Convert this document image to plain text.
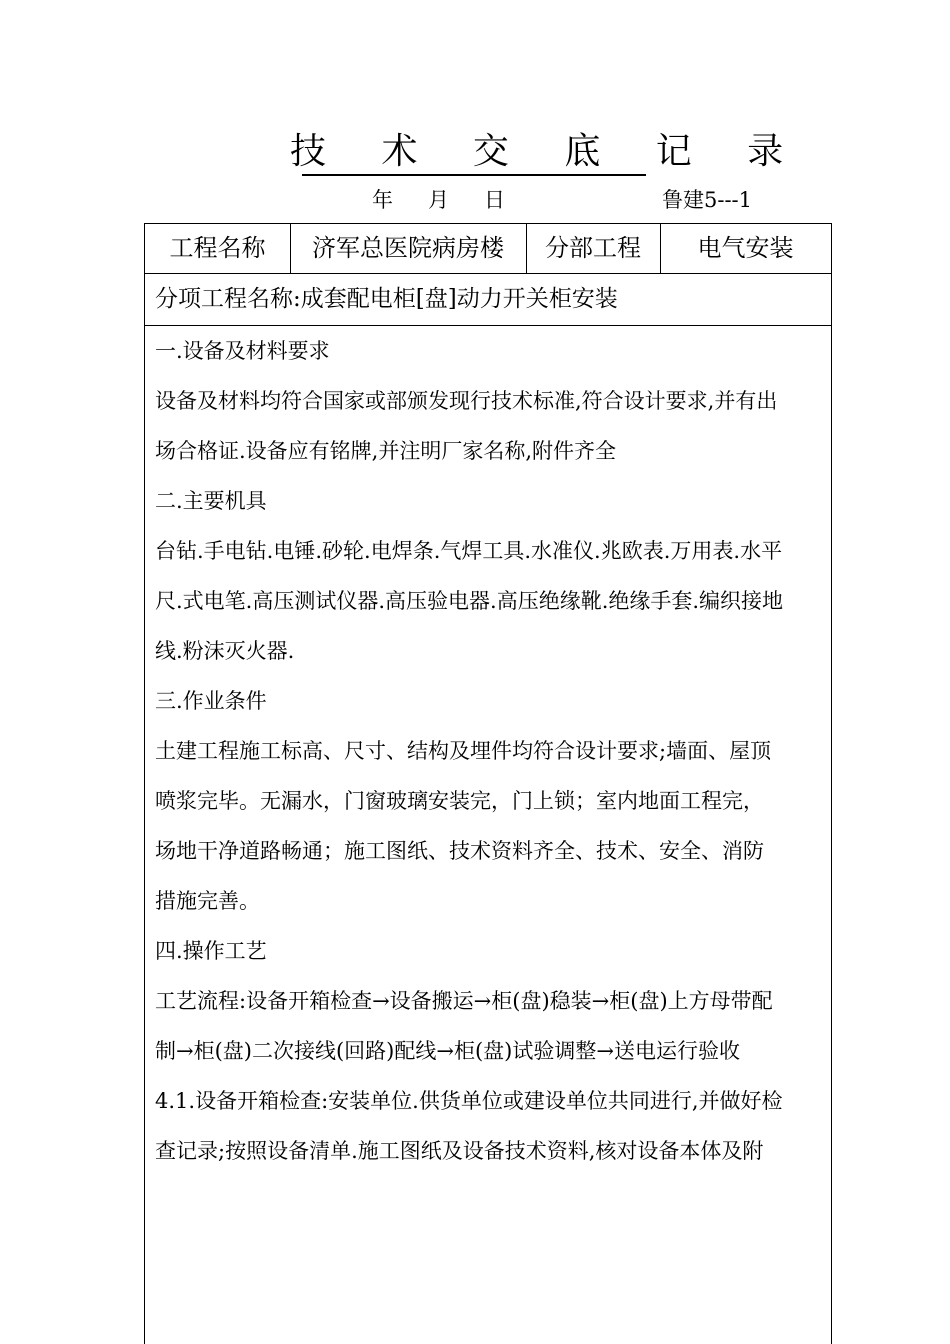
技 术 交 底 记 录
年 月 日	鲁建5---1
工程名称	济军总医院病房楼	分部工程	电气安装
分项工程名称:成套配电柜[盘]动力开关柜安装
一.设备及材料要求
设备及材料均符合国家或部颁发现行技术标准,符合设计要求,并有出
场合格证.设备应有铭牌,并注明厂家名称,附件齐全
二.主要机具
台钻.手电钻.电锤.砂轮.电焊条.气焊工具.水准仪.兆欧表.万用表.水平
尺.式电笔.高压测试仪器.高压验电器.高压绝缘靴.绝缘手套.编织接地
线.粉沫灭火器.
三.作业条件
土建工程施工标高、尺寸、结构及埋件均符合设计要求;墙面、屋顶
喷浆完毕。无漏水，门窗玻璃安装完，门上锁；室内地面工程完，
场地干净道路畅通；施工图纸、技术资料齐全、技术、安全、消防
措施完善。
四.操作工艺
工艺流程:设备开箱检查→设备搬运→柜(盘)稳装→柜(盘)上方母带配
制→柜(盘)二次接线(回路)配线→柜(盘)试验调整→送电运行验收
4.1.设备开箱检查:安装单位.供货单位或建设单位共同进行,并做好检
查记录;按照设备清单.施工图纸及设备技术资料,核对设备本体及附
